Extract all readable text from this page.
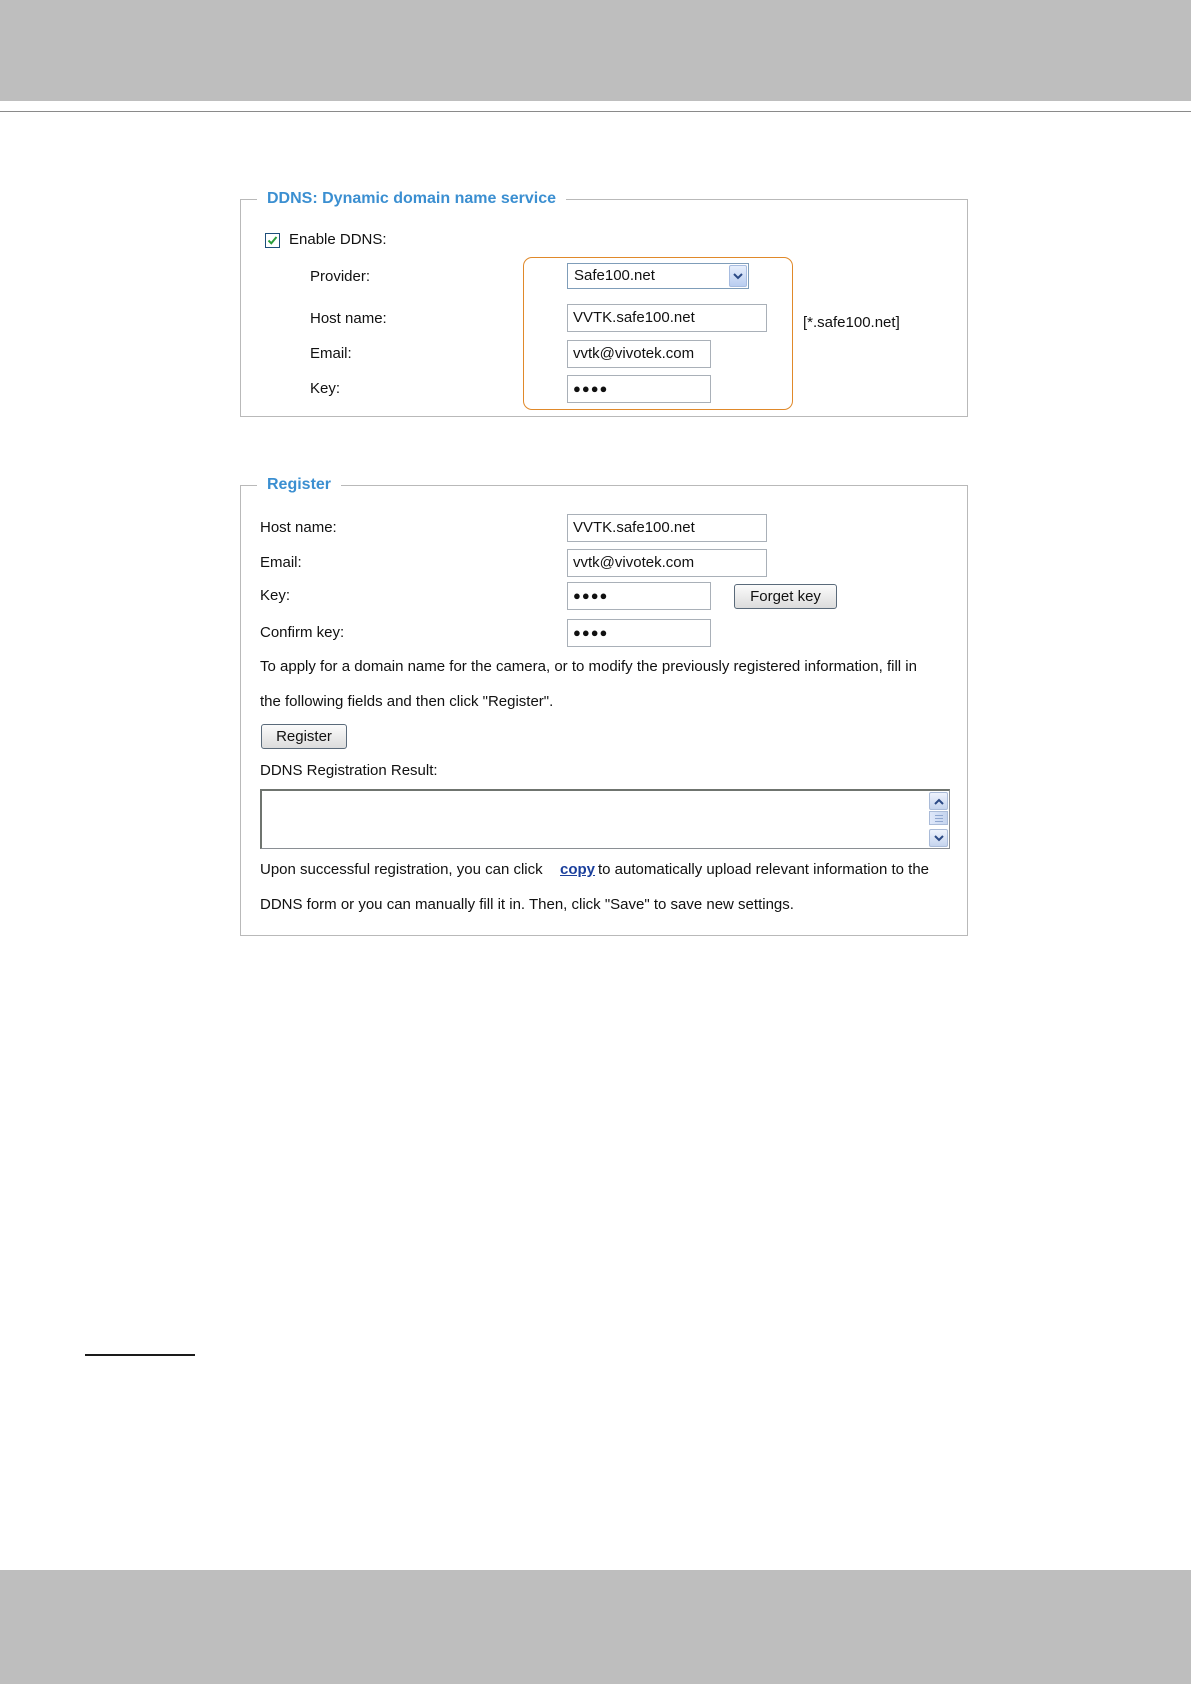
DDNS: Dynamic domain name service
Enable DDNS:
Provider:	Safe100.net
Host name:	VVTK.safe100.net	[*.safe100.net]
Email:	vvtk@vivotek.com
Key:	●●●●
Register
Host name:	VVTK.safe100.net
Email:	vvtk@vivotek.com
Key:	●●●●	Forget key
Confirm key:	●●●●
To apply for a domain name for the camera, or to modify the previously registered information, fill in
the following fields and then click "Register".
Register
DDNS Registration Result:
Upon successful registration, you can click copy to automatically upload relevant information to the
DDNS form or you can manually fill it in. Then, click "Save" to save new settings.
